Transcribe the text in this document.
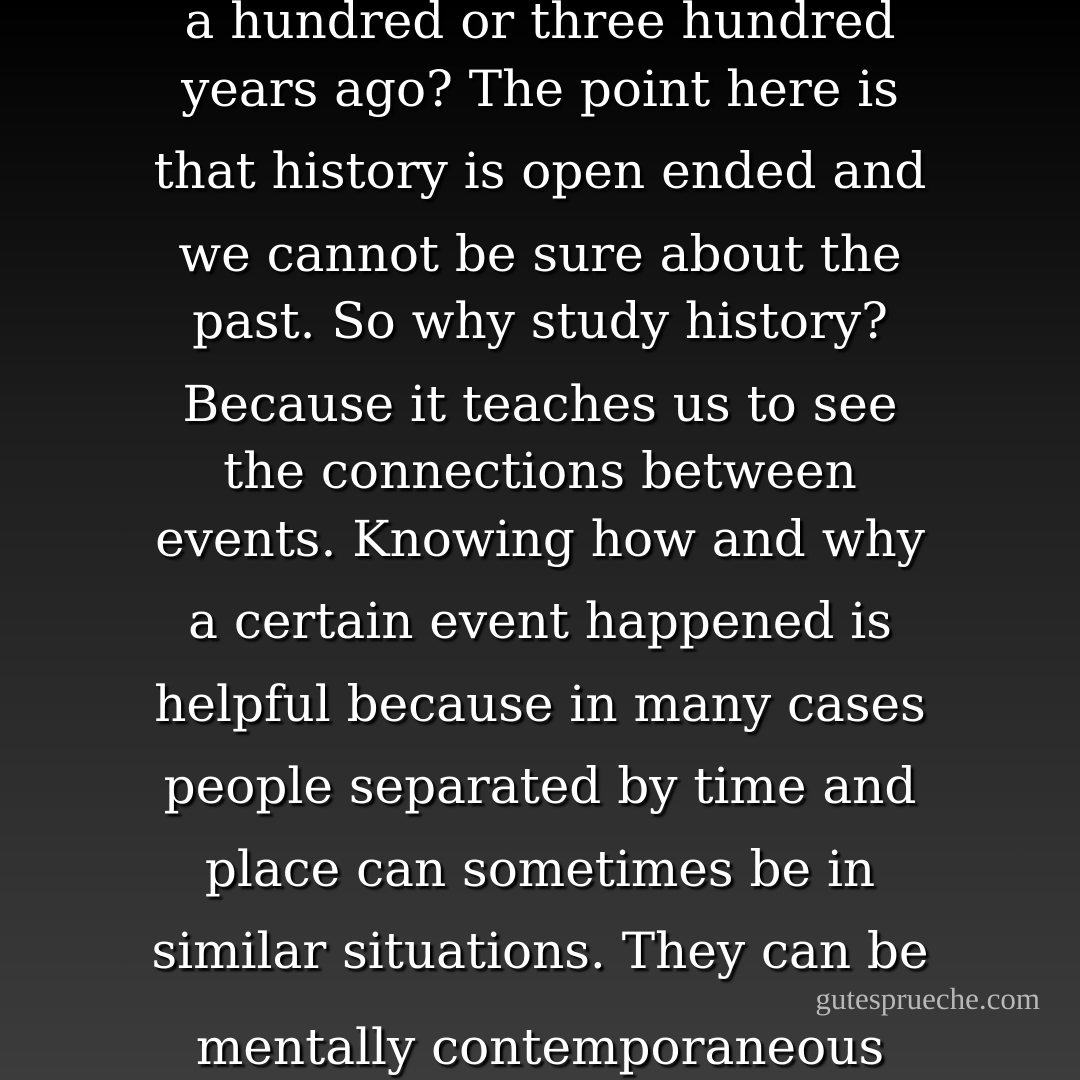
a hundred or three hundred
years ago? The point here is
that history is open ended and
we cannot be sure about the
past. So why study history?
Because it teaches us to see
the connections between
events. Knowing how and why
a certain event happened is
helpful because in many cases
people separated by time and
place can sometimes be in
similar situations. They can be
mentally contemporaneous
gutesprueche.com
